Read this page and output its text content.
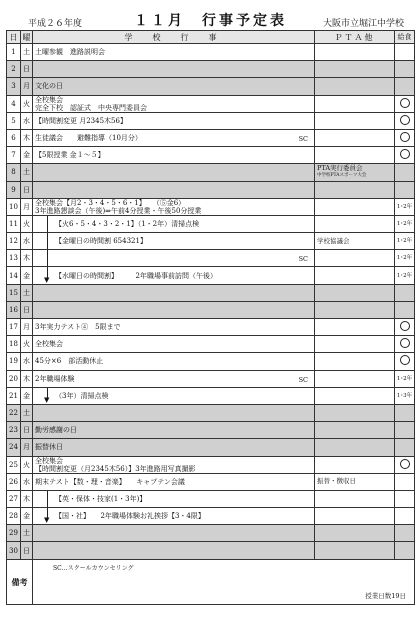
平成２６年度	１１月　行事予定表	大阪市立堀江中学校
日	曜	学　校　行　事	ＰＴＡ他	給食
1	土	土曜参観　進路説明会		

2	日		

3	月	文化の日		

4	火	全校集会
完全下校　認証式　中央専門委員会		

5	水	【時間割変更 月2345木56】		

6	木	生徒議会　　避難指導（10月分） SC		

7	金	【5限授業 金１～５】		

8	土		PTA実行委員会
中学校PTAスポーツ大会	

9	日		

10	月	全校集会【月2・3・4・5・6・1】　　（⑤金6）
3年進路懇談会（午後)⇒午前4分授業・午後50分授業		1･2年
11	火	【火6・5・4・3・2・1】（1・2年）清掃点検		1･2年
12	水	【金曜日の時間割 654321】	学校協議会	1･2年
13	木	SC		1･2年
14	金	▼
【水曜日の時間割】　　　2年職場事前訪問（午後）		1･2年
15	土		

16	日		

17	月	3年実力テスト④　5限まで		

18	火	全校集会		

19	水	45分×6　部活動休止		

20	木	2年職場体験 SC		1･2年
21	金	▼
（3年）清掃点検		1･3年
22	土		

23	日	勤労感謝の日		

24	月	振替休日		

25	火	全校集会
【時間割変更（月2345木56）】3年進路用写真撮影		

26	水	期末テスト【数・理・音楽】　　キャプテン会議	振替・徴収日	

27	木	【英・保体・技家(1・3年)】	

28	金	▼
【国・社】　　2年職場体験お礼挨拶【3・4限】	

29	土		

30	日		

備考		SC…スクールカウンセリング
授業日数19日		
